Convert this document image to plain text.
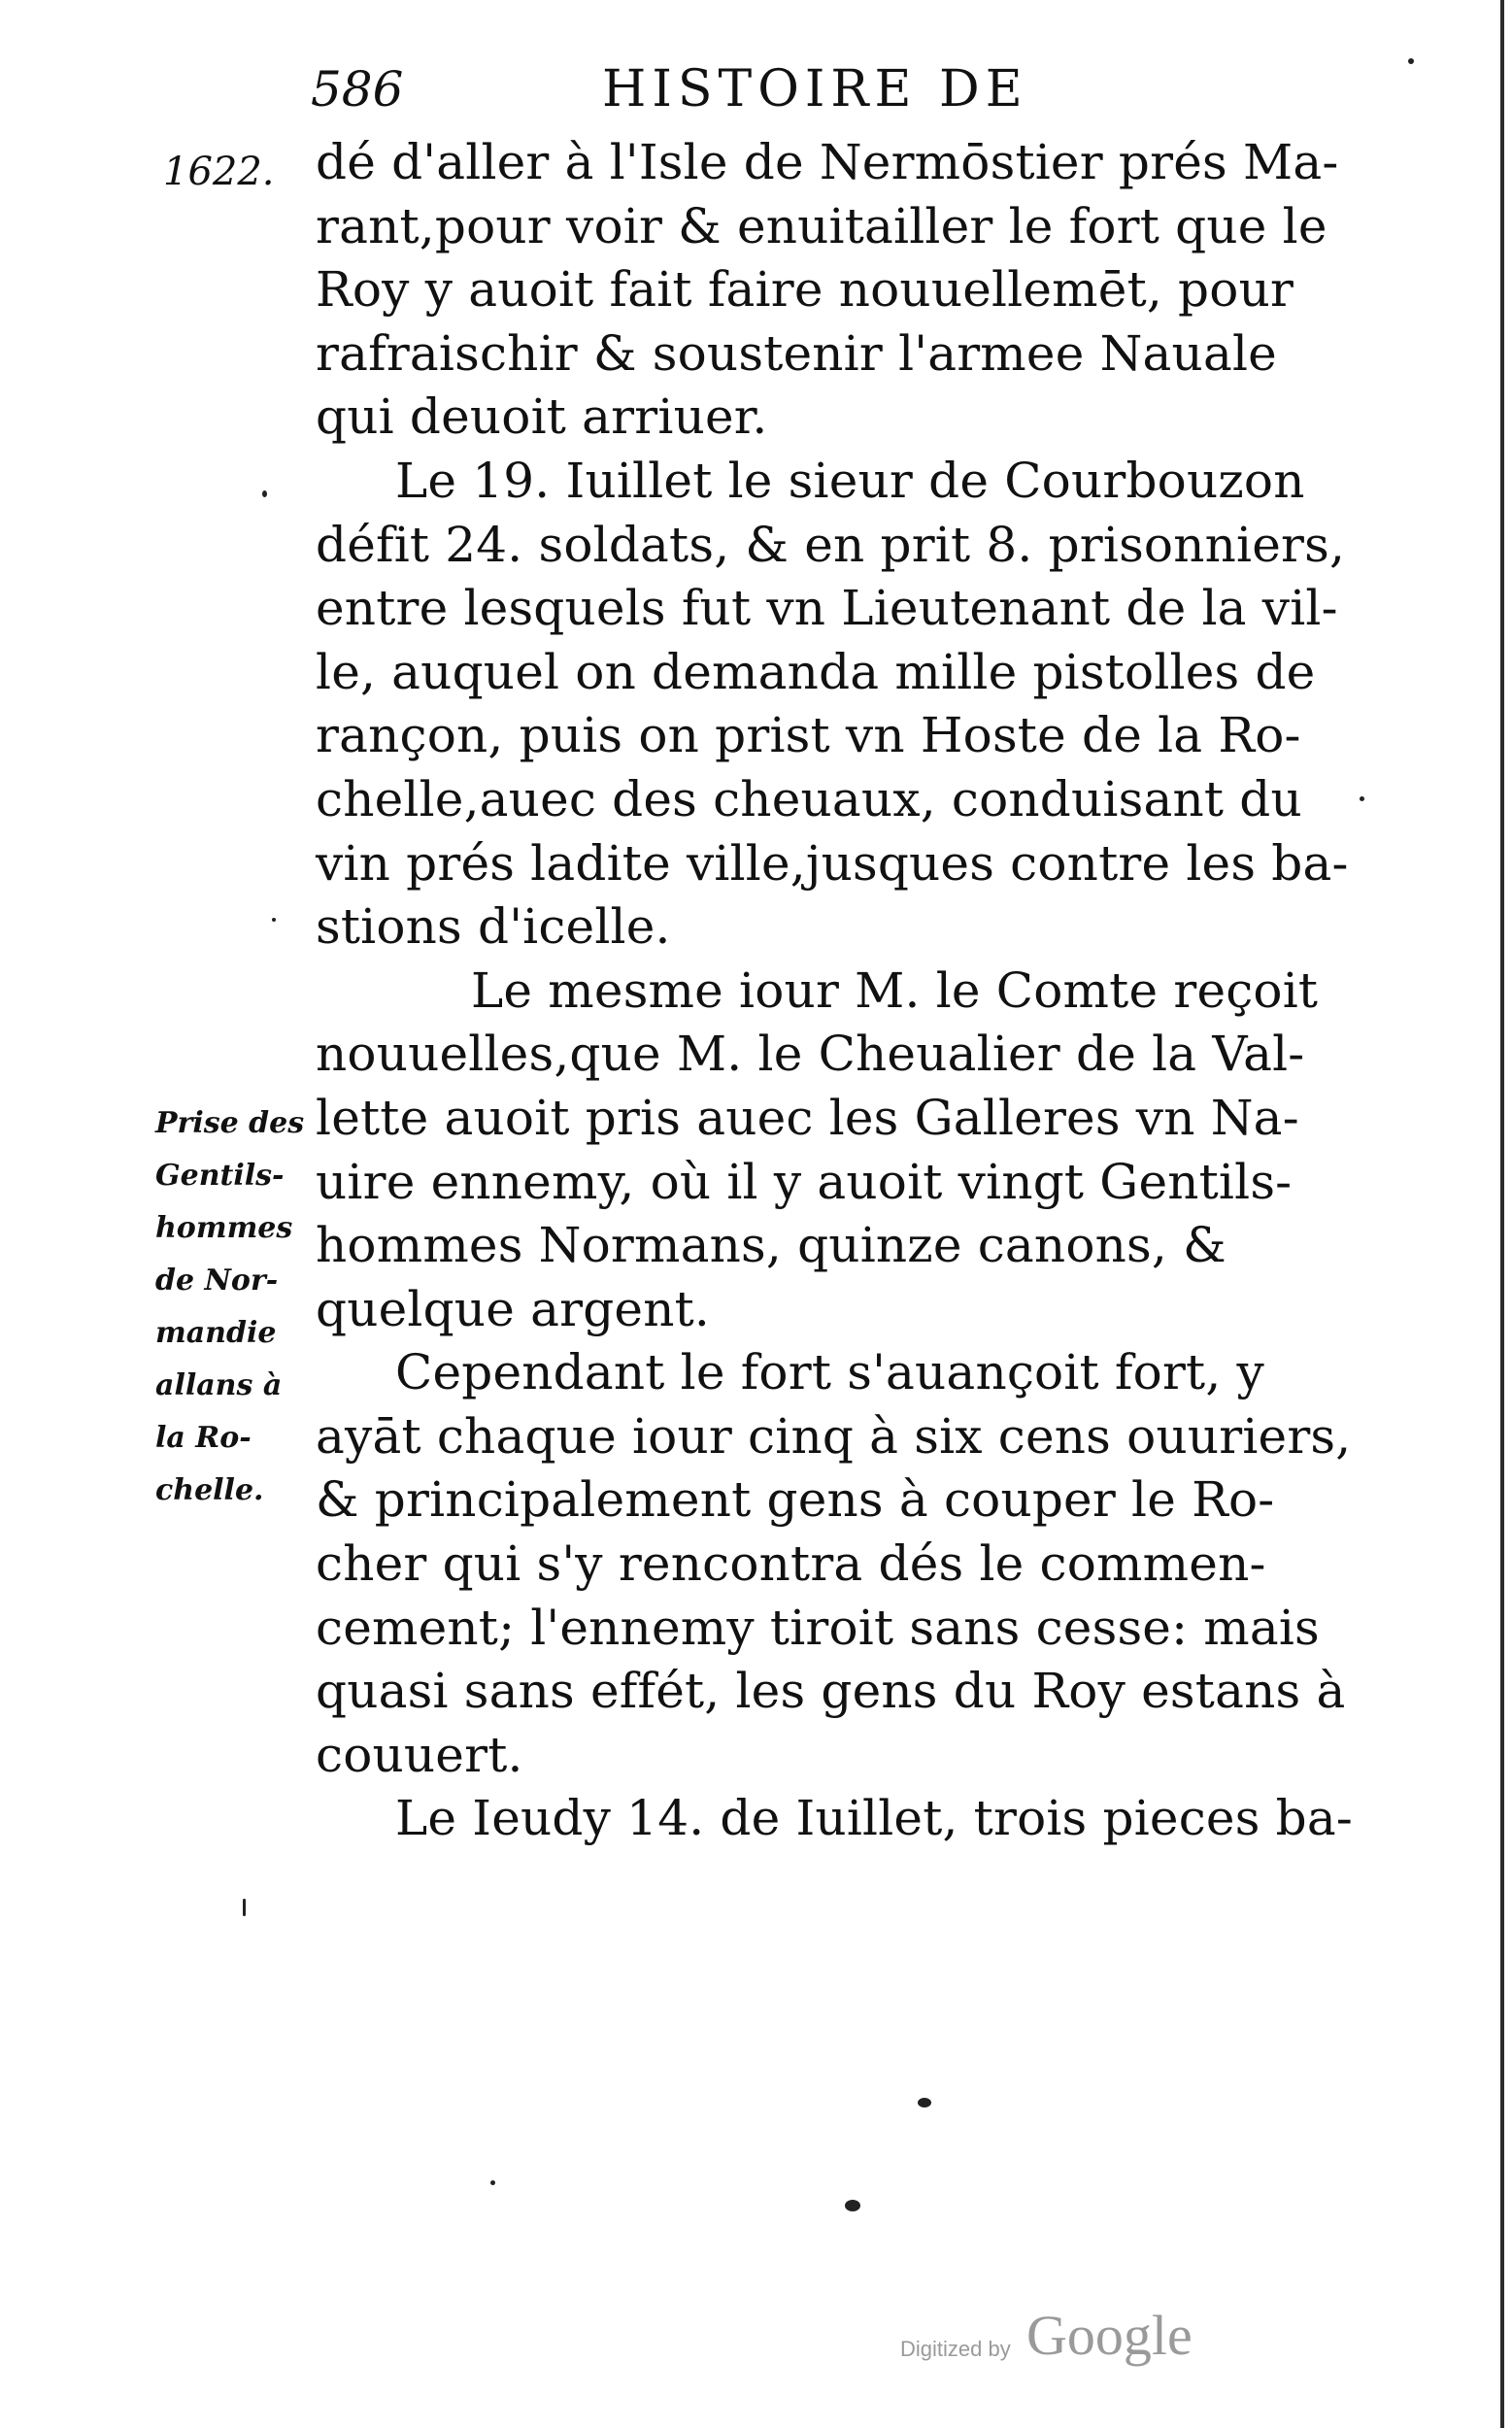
586	HISTOIRE DE
1622. dé d'aller à l'Isle de Nermōstier prés Ma-
rant,pour voir & enuitailler le fort que le
Roy y auoit fait faire nouuellemēt, pour
rafraischir & soustenir l'armee Nauale
qui deuoit arriuer.
Le 19. Iuillet le sieur de Courbouzon
défit 24. soldats, & en prit 8. prisonniers,
entre lesquels fut vn Lieutenant de la vil-
le, auquel on demanda mille pistolles de
rançon, puis on prist vn Hoste de la Ro-
chelle,auec des cheuaux, conduisant du
vin prés ladite ville,jusques contre les ba-
stions d'icelle.
Le mesme iour M. le Comte reçoit
nouuelles,que M. le Cheualier de la Val-
lette auoit pris auec les Galleres vn Na-
uire ennemy, où il y auoit vingt Gentils-
hommes Normans, quinze canons, &
quelque argent.
Cependant le fort s'auançoit fort, y
ayāt chaque iour cinq à six cens ouuriers,
& principalement gens à couper le Ro-
cher qui s'y rencontra dés le commen-
cement; l'ennemy tiroit sans cesse: mais
quasi sans effét, les gens du Roy estans à
couuert.
Le Ieudy 14. de Iuillet, trois pieces ba-
Prise des
Gentils-
hommes
de Nor-
mandie
allans à
la Ro-
chelle.
Digitized by Google
